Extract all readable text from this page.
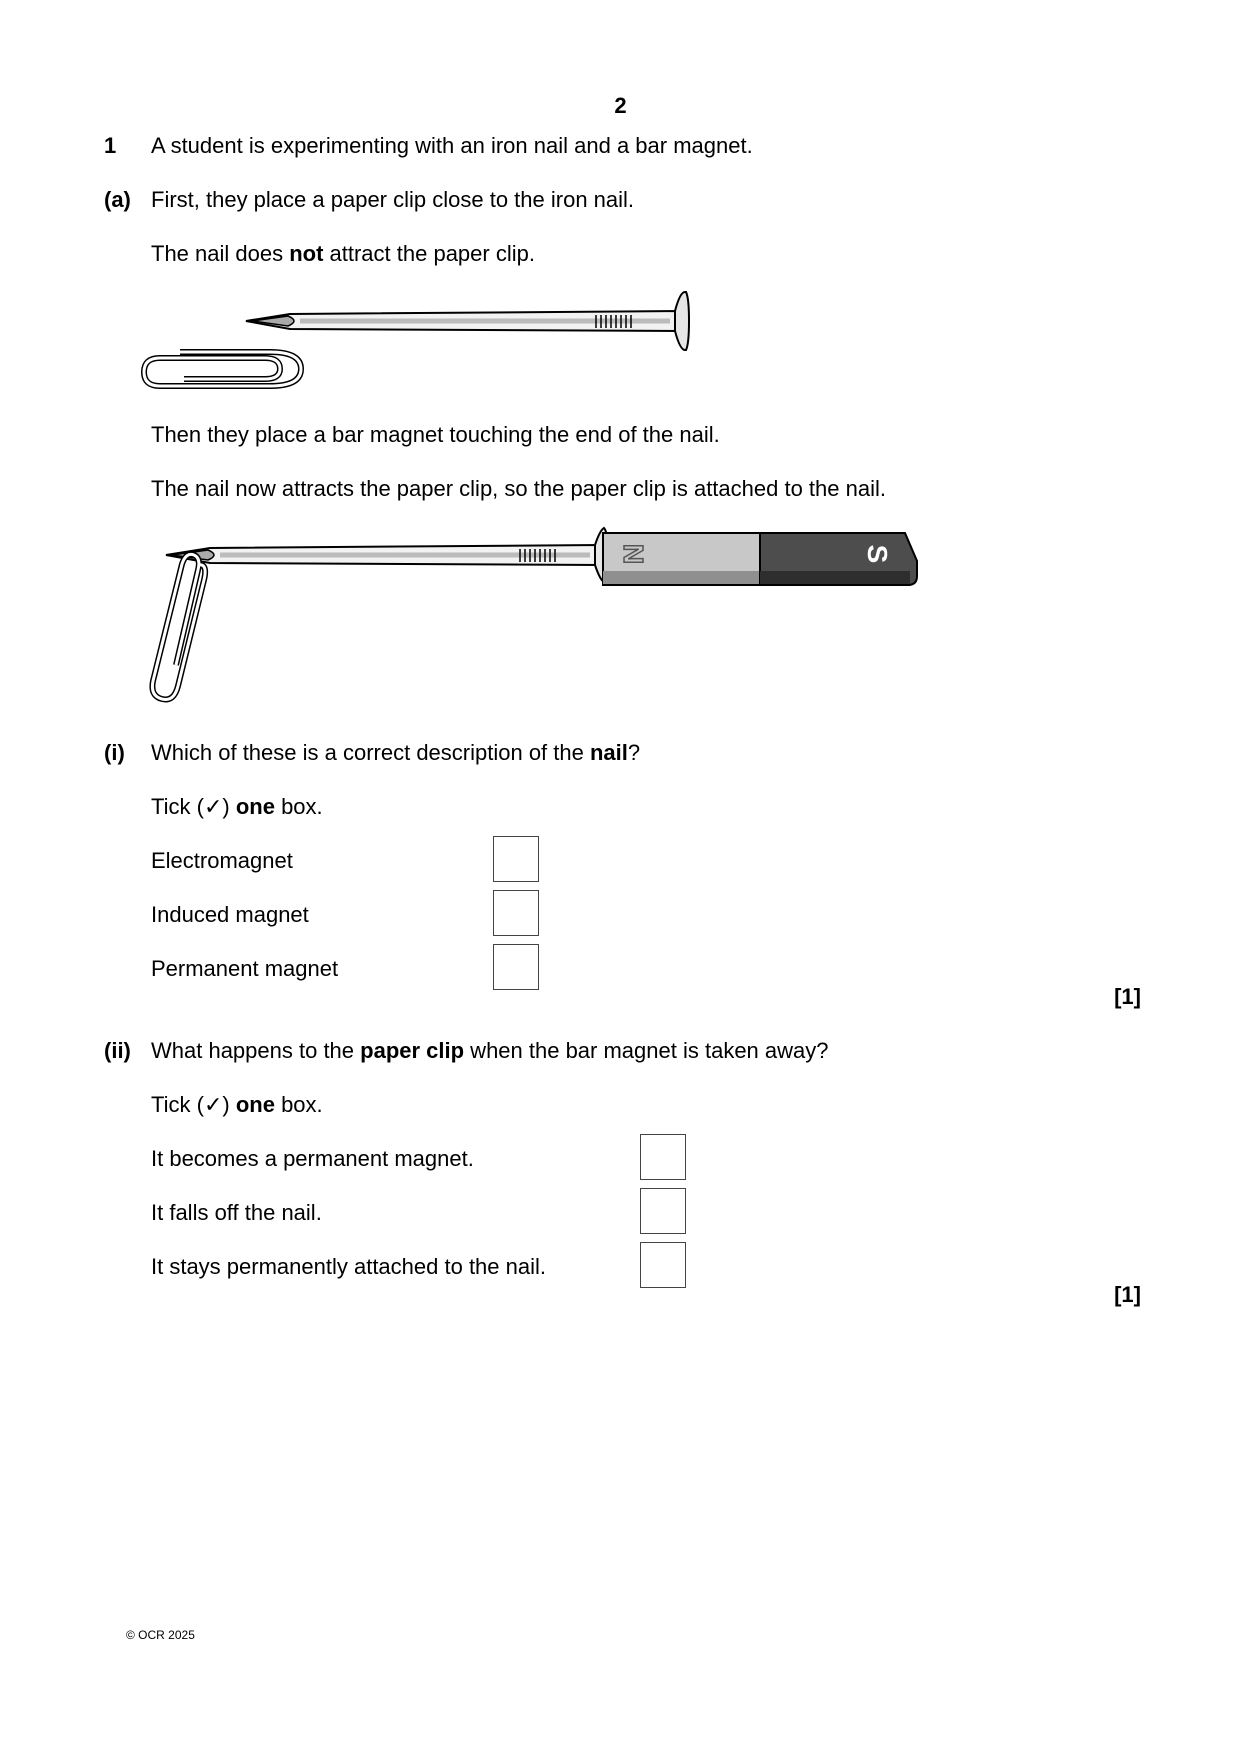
2
1 A student is experimenting with an iron nail and a bar magnet.
(a) First, they place a paper clip close to the iron nail.
The nail does not attract the paper clip.
Then they place a bar magnet touching the end of the nail.
The nail now attracts the paper clip, so the paper clip is attached to the nail.
N	S
(i) Which of these is a correct description of the nail?
Tick (✓) one box.
Electromagnet
Induced magnet
Permanent magnet
[1]
(ii) What happens to the paper clip when the bar magnet is taken away?
Tick (✓) one box.
It becomes a permanent magnet.
It falls off the nail.
It stays permanently attached to the nail.
[1]
© OCR 2025
